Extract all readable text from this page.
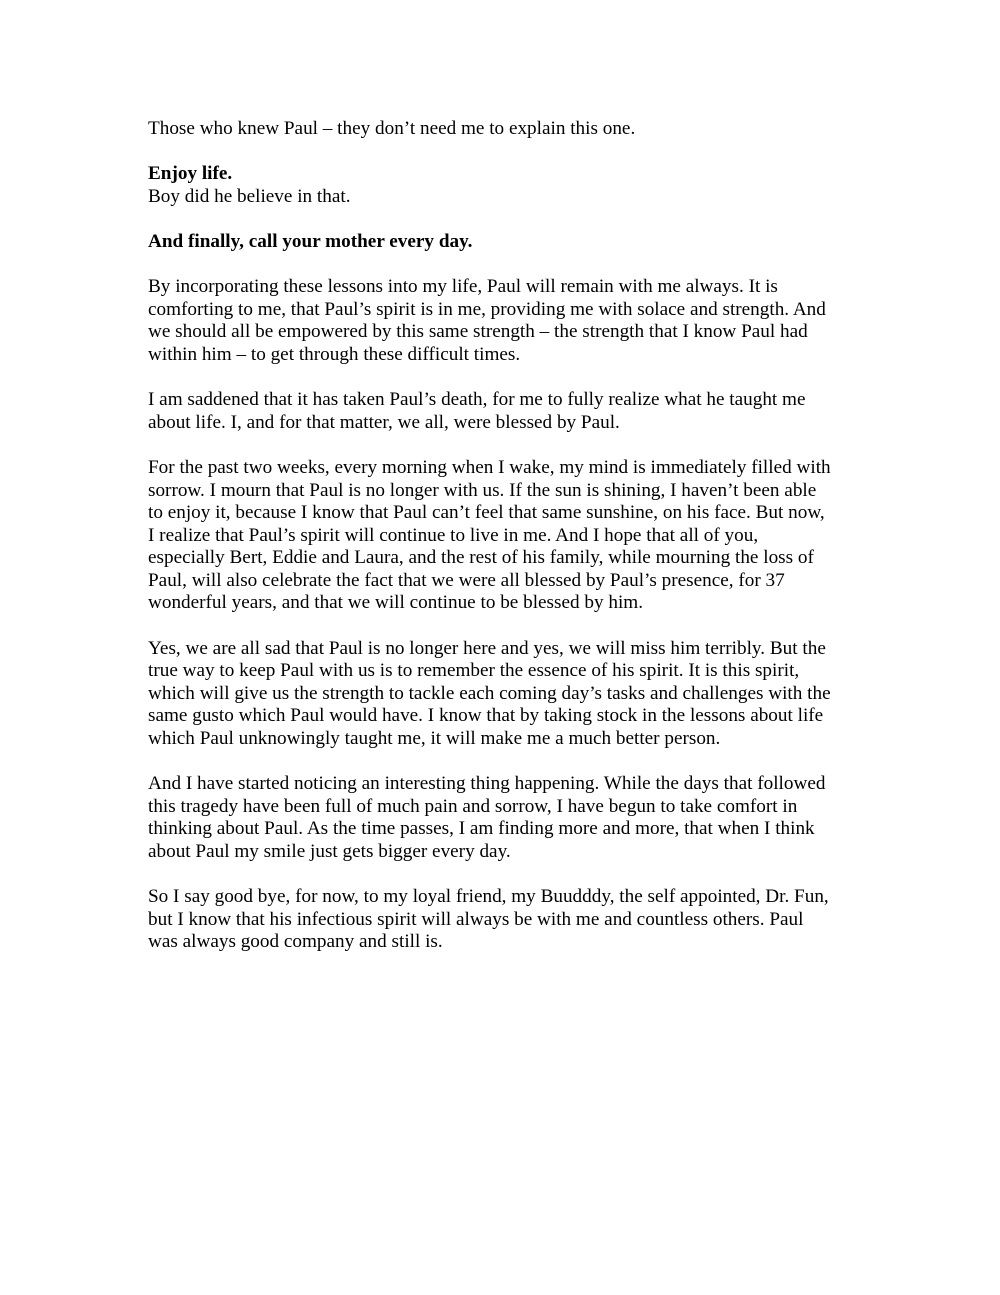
Those who knew Paul – they don’t need me to explain this one.

Enjoy life.

Boy did he believe in that.

And finally, call your mother every day.

By incorporating these lessons into my life, Paul will remain with me always. It is
comforting to me, that Paul’s spirit is in me, providing me with solace and strength. And
we should all be empowered by this same strength – the strength that I know Paul had
within him – to get through these difficult times.

I am saddened that it has taken Paul’s death, for me to fully realize what he taught me
about life. I, and for that matter, we all, were blessed by Paul.

For the past two weeks, every morning when I wake, my mind is immediately filled with
sorrow. I mourn that Paul is no longer with us. If the sun is shining, I haven’t been able
to enjoy it, because I know that Paul can’t feel that same sunshine, on his face. But now,
I realize that Paul’s spirit will continue to live in me. And I hope that all of you,
especially Bert, Eddie and Laura, and the rest of his family, while mourning the loss of
Paul, will also celebrate the fact that we were all blessed by Paul’s presence, for 37
wonderful years, and that we will continue to be blessed by him.

Yes, we are all sad that Paul is no longer here and yes, we will miss him terribly. But the
true way to keep Paul with us is to remember the essence of his spirit. It is this spirit,
which will give us the strength to tackle each coming day’s tasks and challenges with the
same gusto which Paul would have. I know that by taking stock in the lessons about life
which Paul unknowingly taught me, it will make me a much better person.

And I have started noticing an interesting thing happening. While the days that followed
this tragedy have been full of much pain and sorrow, I have begun to take comfort in
thinking about Paul. As the time passes, I am finding more and more, that when I think
about Paul my smile just gets bigger every day.

So I say good bye, for now, to my loyal friend, my Buudddy, the self appointed, Dr. Fun,
but I know that his infectious spirit will always be with me and countless others. Paul
was always good company and still is.
